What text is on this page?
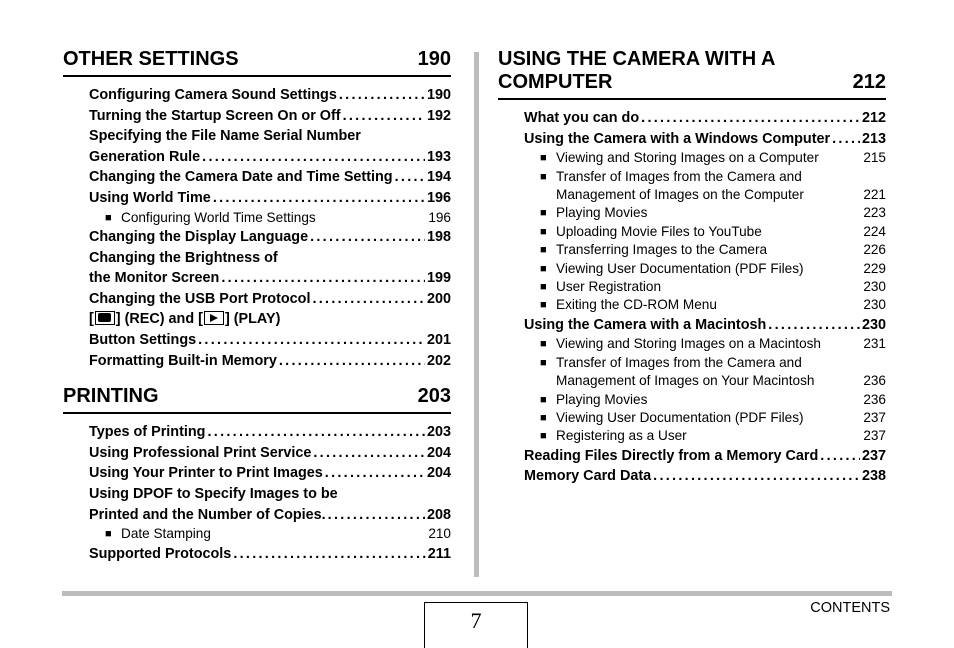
OTHER SETTINGS	190
Configuring Camera Sound Settings .....	190
Turning the Startup Screen On or Off .....	192
Specifying the File Name Serial Number
Generation Rule .....	193
Changing the Camera Date and Time Setting ..... 194
Using World Time .....	196
■ Configuring World Time Settings	196
Changing the Display Language .....	198
Changing the Brightness of
the Monitor Screen .....	199
Changing the USB Port Protocol .....	200
[ ] (REC) and [ ] (PLAY)
Button Settings .....	201
Formatting Built-in Memory .....	202
PRINTING	203
Types of Printing .....	203
Using Professional Print Service .....	204
Using Your Printer to Print Images .....	204
Using DPOF to Specify Images to be
Printed and the Number of Copies. .....	208
■ Date Stamping	210
Supported Protocols .....	211
USING THE CAMERA WITH A
COMPUTER	212
What you can do .....	212
Using the Camera with a Windows Computer ..... 213
■ Viewing and Storing Images on a Computer	215
■ Transfer of Images from the Camera and
Management of Images on the Computer	221
■ Playing Movies	223
■ Uploading Movie Files to YouTube	224
■ Transferring Images to the Camera	226
■ Viewing User Documentation (PDF Files)	229
■ User Registration	230
■ Exiting the CD-ROM Menu	230
Using the Camera with a Macintosh .....	230
■ Viewing and Storing Images on a Macintosh	231
■ Transfer of Images from the Camera and
Management of Images on Your Macintosh	236
■ Playing Movies	236
■ Viewing User Documentation (PDF Files)	237
■ Registering as a User	237
Reading Files Directly from a Memory Card .....	237
Memory Card Data .....	238
7	CONTENTS
